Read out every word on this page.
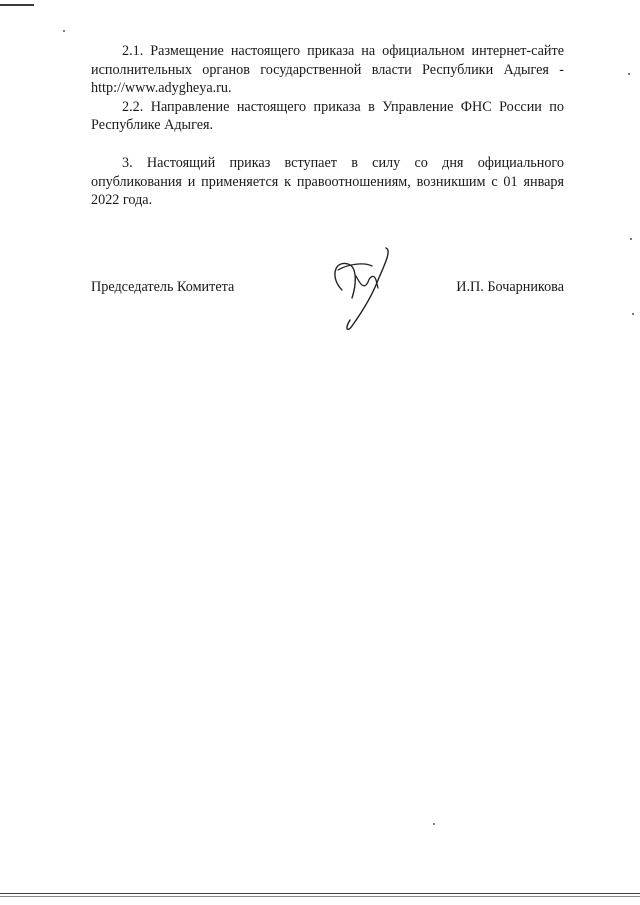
2.1. Размещение настоящего приказа на официальном интернет-сайте исполнительных органов государственной власти Республики Адыгея - http://www.adygheya.ru.

2.2. Направление настоящего приказа в Управление ФНС России по Республике Адыгея.

3. Настоящий приказ вступает в силу со дня официального опубликования и применяется к правоотношениям, возникшим с 01 января 2022 года.

Председатель Комитета	И.П. Бочарникова
